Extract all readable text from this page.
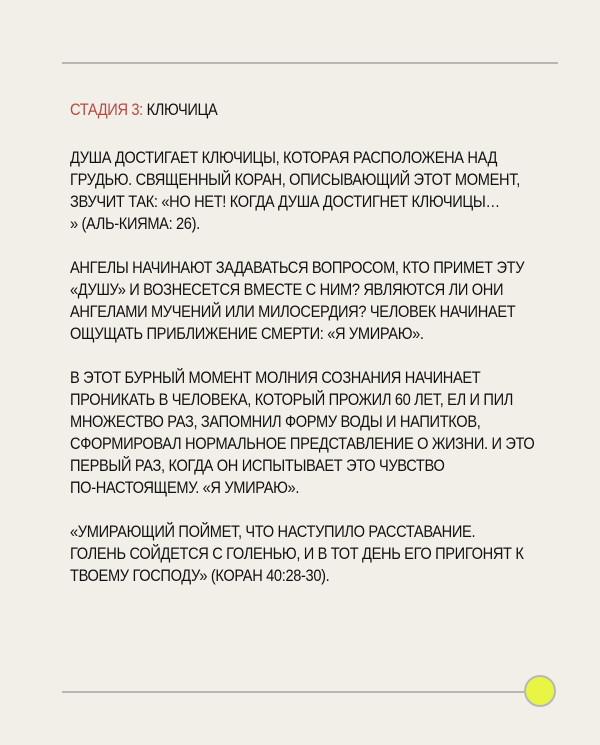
СТАДИЯ 3: КЛЮЧИЦА
ДУША ДОСТИГАЕТ КЛЮЧИЦЫ, КОТОРАЯ РАСПОЛОЖЕНА НАД
ГРУДЬЮ. СВЯЩЕННЫЙ КОРАН, ОПИСЫВАЮЩИЙ ЭТОТ МОМЕНТ,
ЗВУЧИТ ТАК: «НО НЕТ! КОГДА ДУША ДОСТИГНЕТ КЛЮЧИЦЫ…
» (АЛЬ-КИЯМА: 26).
АНГЕЛЫ НАЧИНАЮТ ЗАДАВАТЬСЯ ВОПРОСОМ, КТО ПРИМЕТ ЭТУ
«ДУШУ» И ВОЗНЕСЕТСЯ ВМЕСТЕ С НИМ? ЯВЛЯЮТСЯ ЛИ ОНИ
АНГЕЛАМИ МУЧЕНИЙ ИЛИ МИЛОСЕРДИЯ? ЧЕЛОВЕК НАЧИНАЕТ
ОЩУЩАТЬ ПРИБЛИЖЕНИЕ СМЕРТИ: «Я УМИРАЮ».
В ЭТОТ БУРНЫЙ МОМЕНТ МОЛНИЯ СОЗНАНИЯ НАЧИНАЕТ
ПРОНИКАТЬ В ЧЕЛОВЕКА, КОТОРЫЙ ПРОЖИЛ 60 ЛЕТ, ЕЛ И ПИЛ
МНОЖЕСТВО РАЗ, ЗАПОМНИЛ ФОРМУ ВОДЫ И НАПИТКОВ,
СФОРМИРОВАЛ НОРМАЛЬНОЕ ПРЕДСТАВЛЕНИЕ О ЖИЗНИ. И ЭТО
ПЕРВЫЙ РАЗ, КОГДА ОН ИСПЫТЫВАЕТ ЭТО ЧУВСТВО
ПО-НАСТОЯЩЕМУ. «Я УМИРАЮ».
«УМИРАЮЩИЙ ПОЙМЕТ, ЧТО НАСТУПИЛО РАССТАВАНИЕ.
ГОЛЕНЬ СОЙДЕТСЯ С ГОЛЕНЬЮ, И В ТОТ ДЕНЬ ЕГО ПРИГОНЯТ К
ТВОЕМУ ГОСПОДУ» (КОРАН 40:28-30).
